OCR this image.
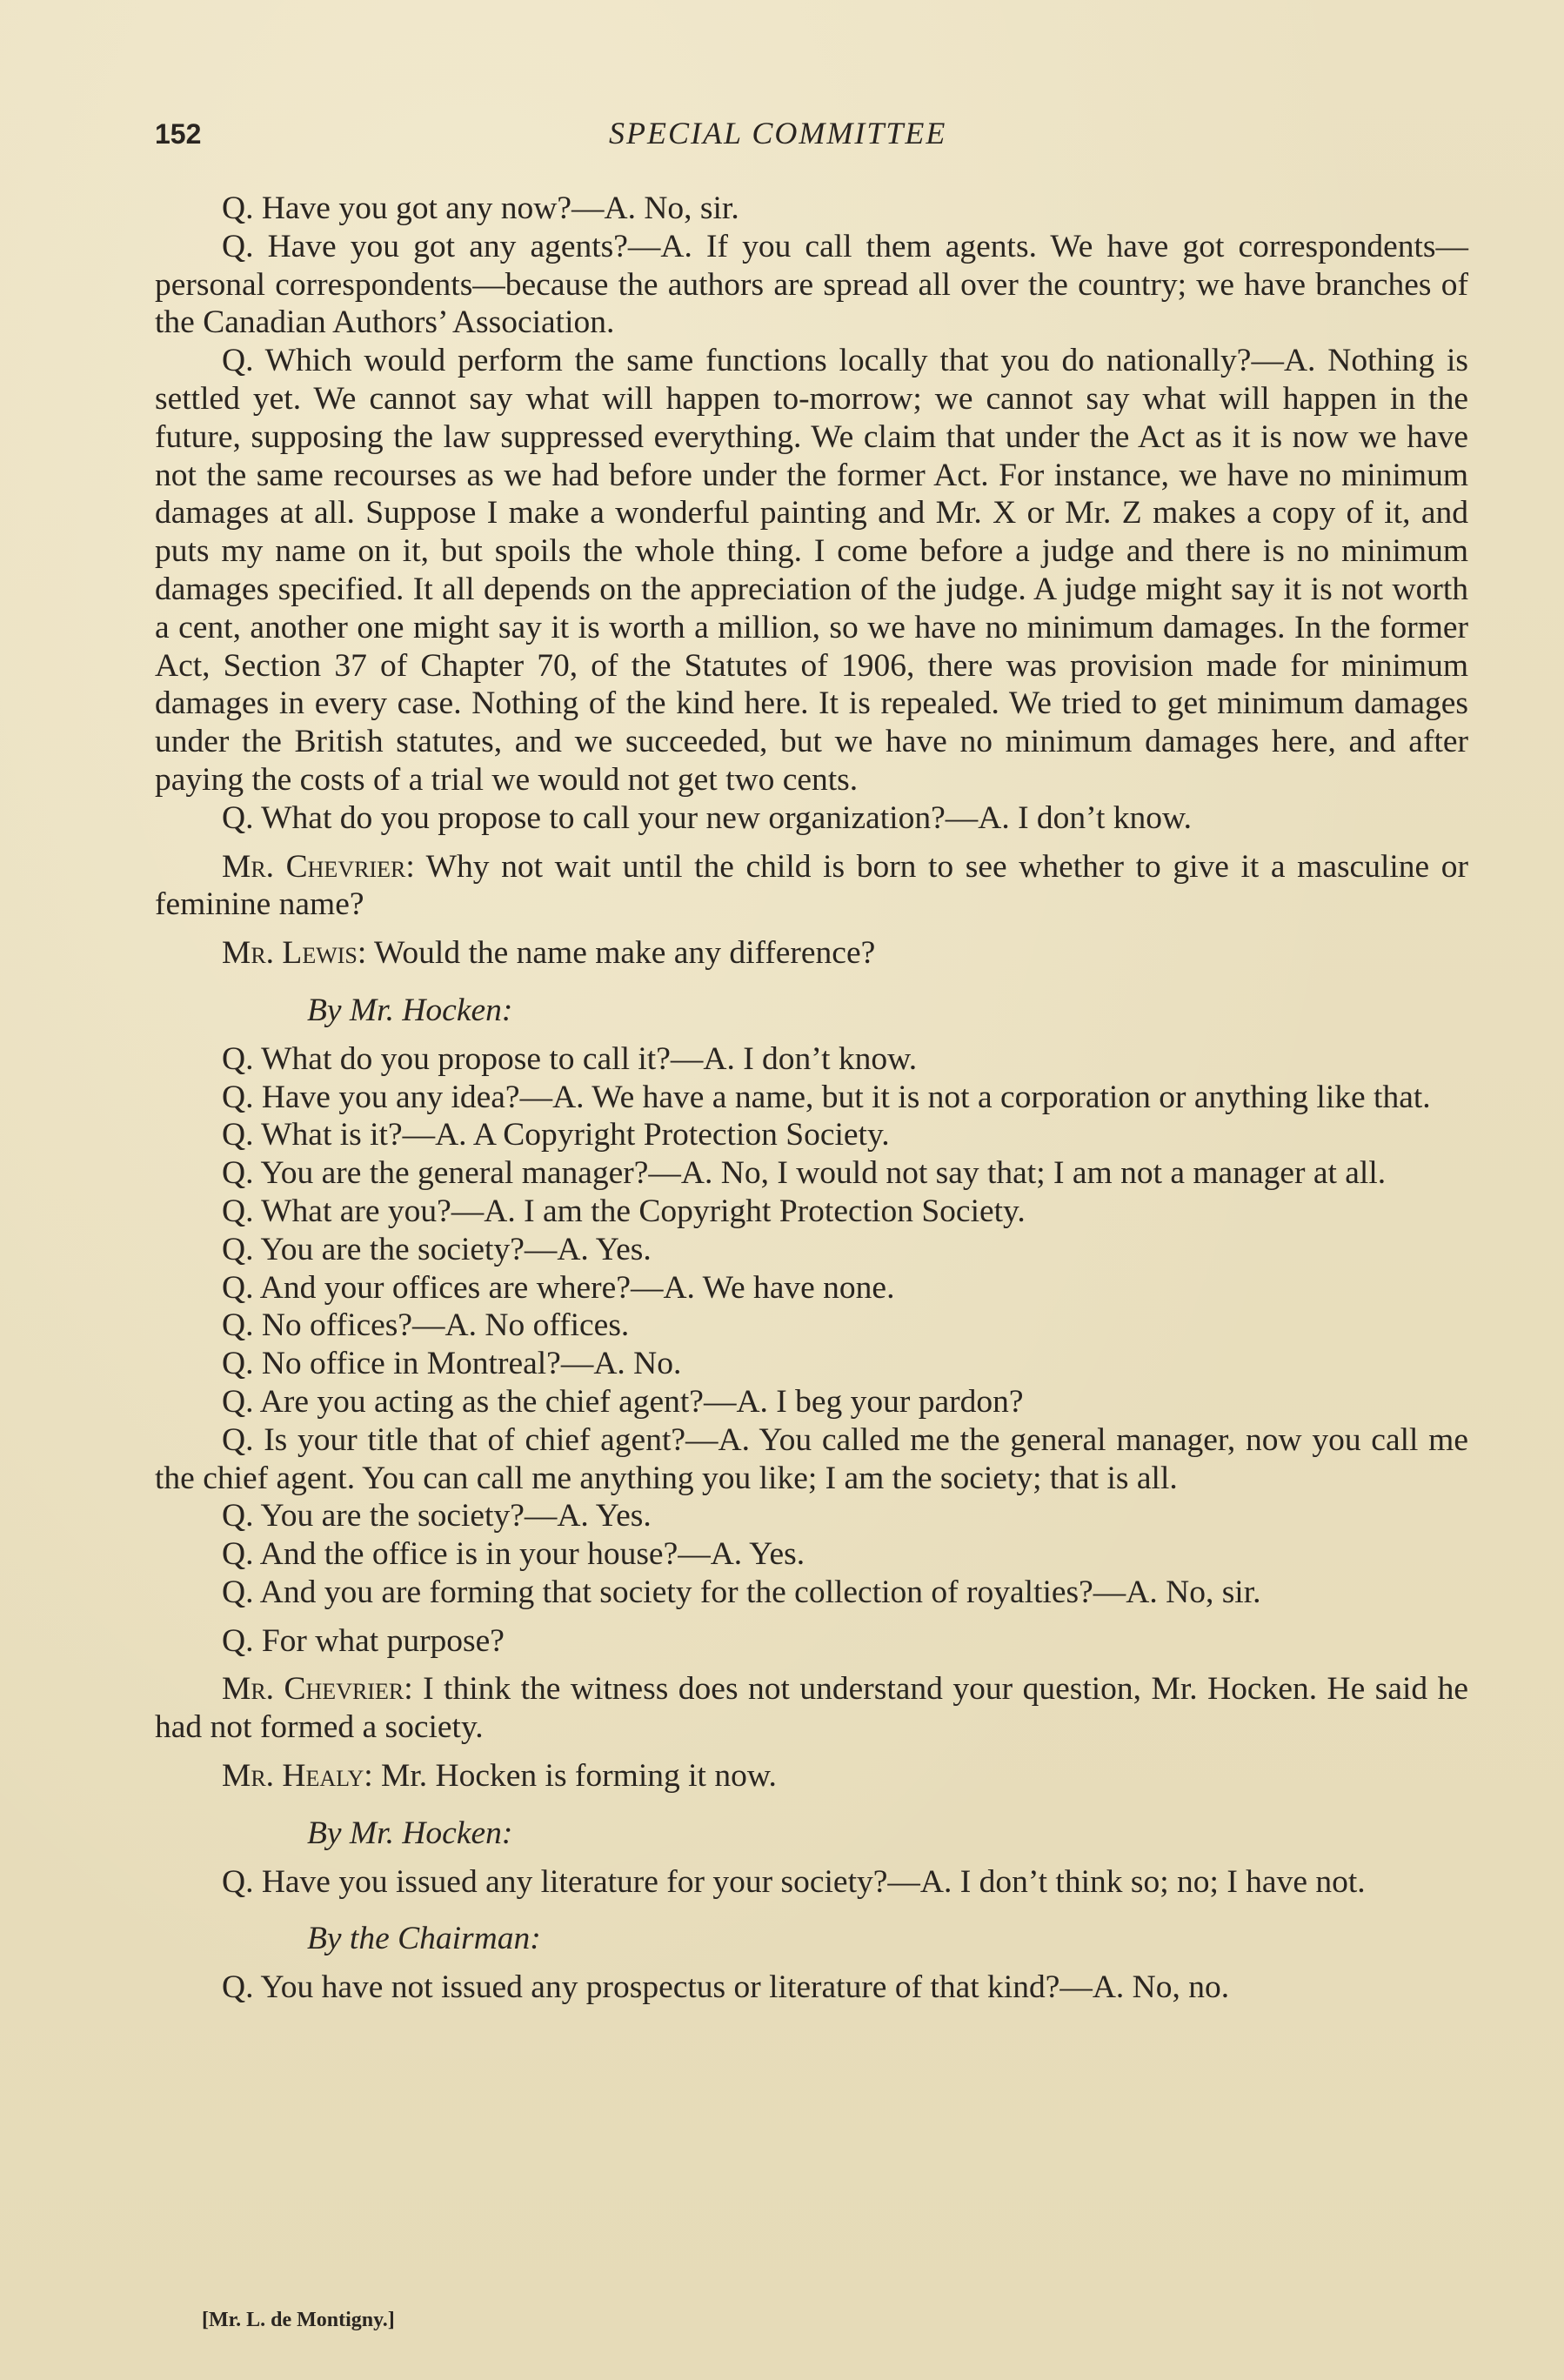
152	SPECIAL COMMITTEE

Q. Have you got any now?—A. No, sir.

Q. Have you got any agents?—A. If you call them agents. We have got correspondents—personal correspondents—because the authors are spread all over the country; we have branches of the Canadian Authors’ Association.

Q. Which would perform the same functions locally that you do nationally?—A. Nothing is settled yet. We cannot say what will happen to-morrow; we cannot say what will happen in the future, supposing the law suppressed everything. We claim that under the Act as it is now we have not the same recourses as we had before under the former Act. For instance, we have no minimum damages at all. Suppose I make a wonderful painting and Mr. X or Mr. Z makes a copy of it, and puts my name on it, but spoils the whole thing. I come before a judge and there is no minimum damages specified. It all depends on the appreciation of the judge. A judge might say it is not worth a cent, another one might say it is worth a million, so we have no minimum damages. In the former Act, Section 37 of Chapter 70, of the Statutes of 1906, there was provision made for minimum damages in every case. Nothing of the kind here. It is repealed. We tried to get minimum damages under the British statutes, and we succeeded, but we have no minimum damages here, and after paying the costs of a trial we would not get two cents.

Q. What do you propose to call your new organization?—A. I don’t know.

Mr. Chevrier: Why not wait until the child is born to see whether to give it a masculine or feminine name?

Mr. Lewis: Would the name make any difference?

By Mr. Hocken:

Q. What do you propose to call it?—A. I don’t know.

Q. Have you any idea?—A. We have a name, but it is not a corporation or anything like that.

Q. What is it?—A. A Copyright Protection Society.

Q. You are the general manager?—A. No, I would not say that; I am not a manager at all.

Q. What are you?—A. I am the Copyright Protection Society.

Q. You are the society?—A. Yes.

Q. And your offices are where?—A. We have none.

Q. No offices?—A. No offices.

Q. No office in Montreal?—A. No.

Q. Are you acting as the chief agent?—A. I beg your pardon?

Q. Is your title that of chief agent?—A. You called me the general manager, now you call me the chief agent. You can call me anything you like; I am the society; that is all.

Q. You are the society?—A. Yes.

Q. And the office is in your house?—A. Yes.

Q. And you are forming that society for the collection of royalties?—A. No, sir.

Q. For what purpose?

Mr. Chevrier: I think the witness does not understand your question, Mr. Hocken. He said he had not formed a society.

Mr. Healy: Mr. Hocken is forming it now.

By Mr. Hocken:

Q. Have you issued any literature for your society?—A. I don’t think so; no; I have not.

By the Chairman:

Q. You have not issued any prospectus or literature of that kind?—A. No, no.

[Mr. L. de Montigny.]
